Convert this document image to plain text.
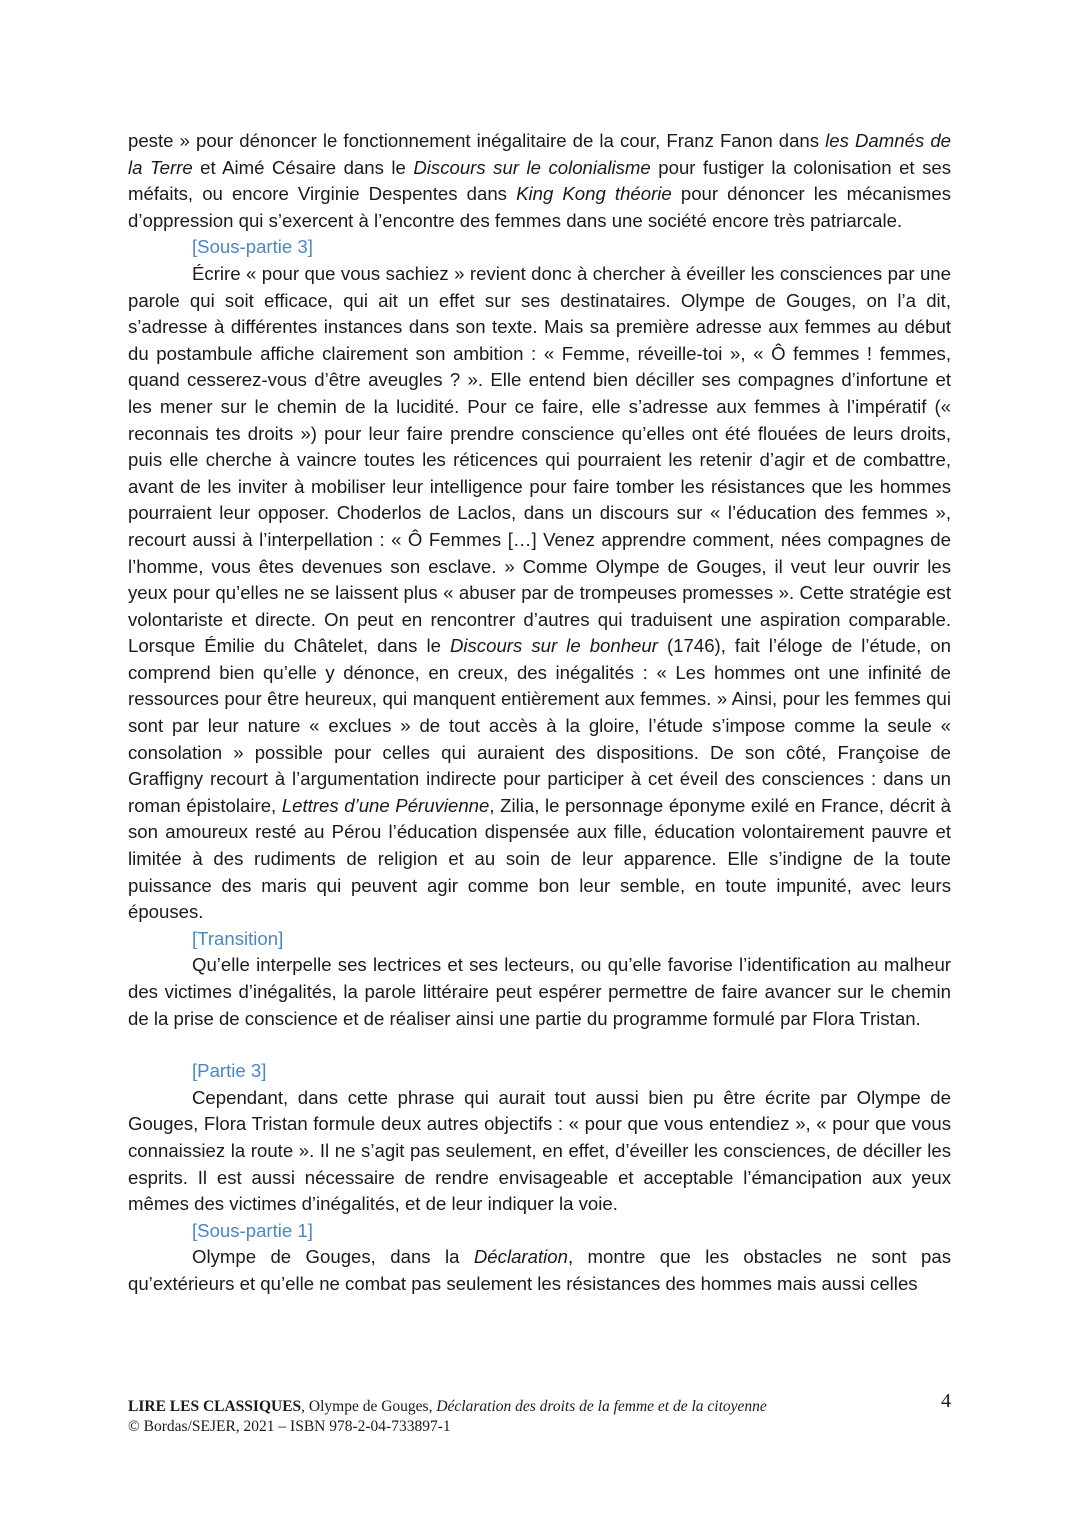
peste » pour dénoncer le fonctionnement inégalitaire de la cour, Franz Fanon dans les Damnés de la Terre et Aimé Césaire dans le Discours sur le colonialisme pour fustiger la colonisation et ses méfaits, ou encore Virginie Despentes dans King Kong théorie pour dénoncer les mécanismes d’oppression qui s’exercent à l’encontre des femmes dans une société encore très patriarcale.

[Sous-partie 3]

Écrire « pour que vous sachiez » revient donc à chercher à éveiller les consciences par une parole qui soit efficace, qui ait un effet sur ses destinataires. Olympe de Gouges, on l’a dit, s’adresse à différentes instances dans son texte. Mais sa première adresse aux femmes au début du postambule affiche clairement son ambition : « Femme, réveille-toi », « Ô femmes ! femmes, quand cesserez-vous d’être aveugles ? ». Elle entend bien déciller ses compagnes d’infortune et les mener sur le chemin de la lucidité. Pour ce faire, elle s’adresse aux femmes à l’impératif (« reconnais tes droits ») pour leur faire prendre conscience qu’elles ont été flouées de leurs droits, puis elle cherche à vaincre toutes les réticences qui pourraient les retenir d’agir et de combattre, avant de les inviter à mobiliser leur intelligence pour faire tomber les résistances que les hommes pourraient leur opposer. Choderlos de Laclos, dans un discours sur « l’éducation des femmes », recourt aussi à l’interpellation : « Ô Femmes […] Venez apprendre comment, nées compagnes de l’homme, vous êtes devenues son esclave. » Comme Olympe de Gouges, il veut leur ouvrir les yeux pour qu’elles ne se laissent plus « abuser par de trompeuses promesses ». Cette stratégie est volontariste et directe. On peut en rencontrer d’autres qui traduisent une aspiration comparable. Lorsque Émilie du Châtelet, dans le Discours sur le bonheur (1746), fait l’éloge de l’étude, on comprend bien qu’elle y dénonce, en creux, des inégalités : « Les hommes ont une infinité de ressources pour être heureux, qui manquent entièrement aux femmes. » Ainsi, pour les femmes qui sont par leur nature « exclues » de tout accès à la gloire, l’étude s’impose comme la seule « consolation » possible pour celles qui auraient des dispositions. De son côté, Françoise de Graffigny recourt à l’argumentation indirecte pour participer à cet éveil des consciences : dans un roman épistolaire, Lettres d’une Péruvienne, Zilia, le personnage éponyme exilé en France, décrit à son amoureux resté au Pérou l’éducation dispensée aux fille, éducation volontairement pauvre et limitée à des rudiments de religion et au soin de leur apparence. Elle s’indigne de la toute puissance des maris qui peuvent agir comme bon leur semble, en toute impunité, avec leurs épouses.

[Transition]

Qu’elle interpelle ses lectrices et ses lecteurs, ou qu’elle favorise l’identification au malheur des victimes d’inégalités, la parole littéraire peut espérer permettre de faire avancer sur le chemin de la prise de conscience et de réaliser ainsi une partie du programme formulé par Flora Tristan.

[Partie 3]

Cependant, dans cette phrase qui aurait tout aussi bien pu être écrite par Olympe de Gouges, Flora Tristan formule deux autres objectifs : « pour que vous entendiez », « pour que vous connaissiez la route ». Il ne s’agit pas seulement, en effet, d’éveiller les consciences, de déciller les esprits. Il est aussi nécessaire de rendre envisageable et acceptable l’émancipation aux yeux mêmes des victimes d’inégalités, et de leur indiquer la voie.

[Sous-partie 1]

Olympe de Gouges, dans la Déclaration, montre que les obstacles ne sont pas qu’extérieurs et qu’elle ne combat pas seulement les résistances des hommes mais aussi celles

LIRE LES CLASSIQUES, Olympe de Gouges, Déclaration des droits de la femme et de la citoyenne
© Bordas/SEJER, 2021 – ISBN 978-2-04-733897-1
4
